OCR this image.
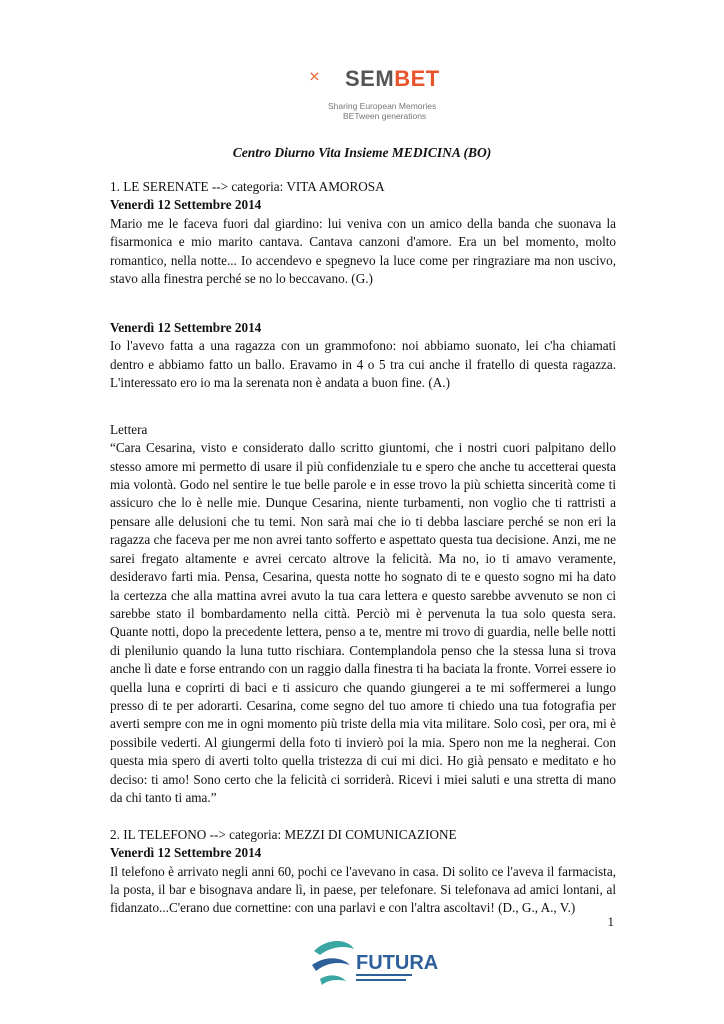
SEMBET
Sharing European Memories
BETween generations
Centro Diurno Vita Insieme MEDICINA (BO)

1. LE SERENATE --> categoria: VITA AMOROSA

Venerdì 12 Settembre 2014

Mario me le faceva fuori dal giardino: lui veniva con un amico della banda che suonava la fisarmonica e mio marito cantava. Cantava canzoni d'amore. Era un bel momento, molto romantico, nella notte... Io accendevo e spegnevo la luce come per ringraziare ma non uscivo, stavo alla finestra perché se no lo beccavano. (G.)

Venerdì 12 Settembre 2014

Io l'avevo fatta a una ragazza con un grammofono: noi abbiamo suonato, lei c'ha chiamati dentro e abbiamo fatto un ballo. Eravamo in 4 o 5 tra cui anche il fratello di questa ragazza. L'interessato ero io ma la serenata non è andata a buon fine. (A.)

Lettera

“Cara Cesarina, visto e considerato dallo scritto giuntomi, che i nostri cuori palpitano dello stesso amore mi permetto di usare il più confidenziale tu e spero che anche tu accetterai questa mia volontà. Godo nel sentire le tue belle parole e in esse trovo la più schietta sincerità come ti assicuro che lo è nelle mie. Dunque Cesarina, niente turbamenti, non voglio che ti rattristi a pensare alle delusioni che tu temi. Non sarà mai che io ti debba lasciare perché se non eri la ragazza che faceva per me non avrei tanto sofferto e aspettato questa tua decisione. Anzi, me ne sarei fregato altamente e avrei cercato altrove la felicità. Ma no, io ti amavo veramente, desideravo farti mia. Pensa, Cesarina, questa notte ho sognato di te e questo sogno mi ha dato la certezza che alla mattina avrei avuto la tua cara lettera e questo sarebbe avvenuto se non ci sarebbe stato il bombardamento nella città. Perciò mi è pervenuta la tua solo questa sera. Quante notti, dopo la precedente lettera, penso a te, mentre mi trovo di guardia, nelle belle notti di plenilunio quando la luna tutto rischiara. Contemplandola penso che la stessa luna si trova anche lì date e forse entrando con un raggio dalla finestra ti ha baciata la fronte. Vorrei essere io quella luna e coprirti di baci e ti assicuro che quando giungerei a te mi soffermerei a lungo presso di te per adorarti. Cesarina, come segno del tuo amore ti chiedo una tua fotografia per averti sempre con me in ogni momento più triste della mia vita militare. Solo così, per ora, mi è possibile vederti. Al giungermi della foto ti invierò poi la mia. Spero non me la negherai. Con questa mia spero di averti tolto quella tristezza di cui mi dici. Ho già pensato e meditato e ho deciso: ti amo! Sono certo che la felicità ci sorriderà. Ricevi i miei saluti e una stretta di mano da chi tanto ti ama.”

2. IL TELEFONO --> categoria: MEZZI DI COMUNICAZIONE

Venerdì 12 Settembre 2014

Il telefono è arrivato negli anni 60, pochi ce l'avevano in casa. Di solito ce l'aveva il farmacista, la posta, il bar e bisognava andare lì, in paese, per telefonare. Si telefonava ad amici lontani, al fidanzato...C'erano due cornettine: con una parlavi e con l'altra ascoltavi! (D., G., A., V.)

1
FUTURA
